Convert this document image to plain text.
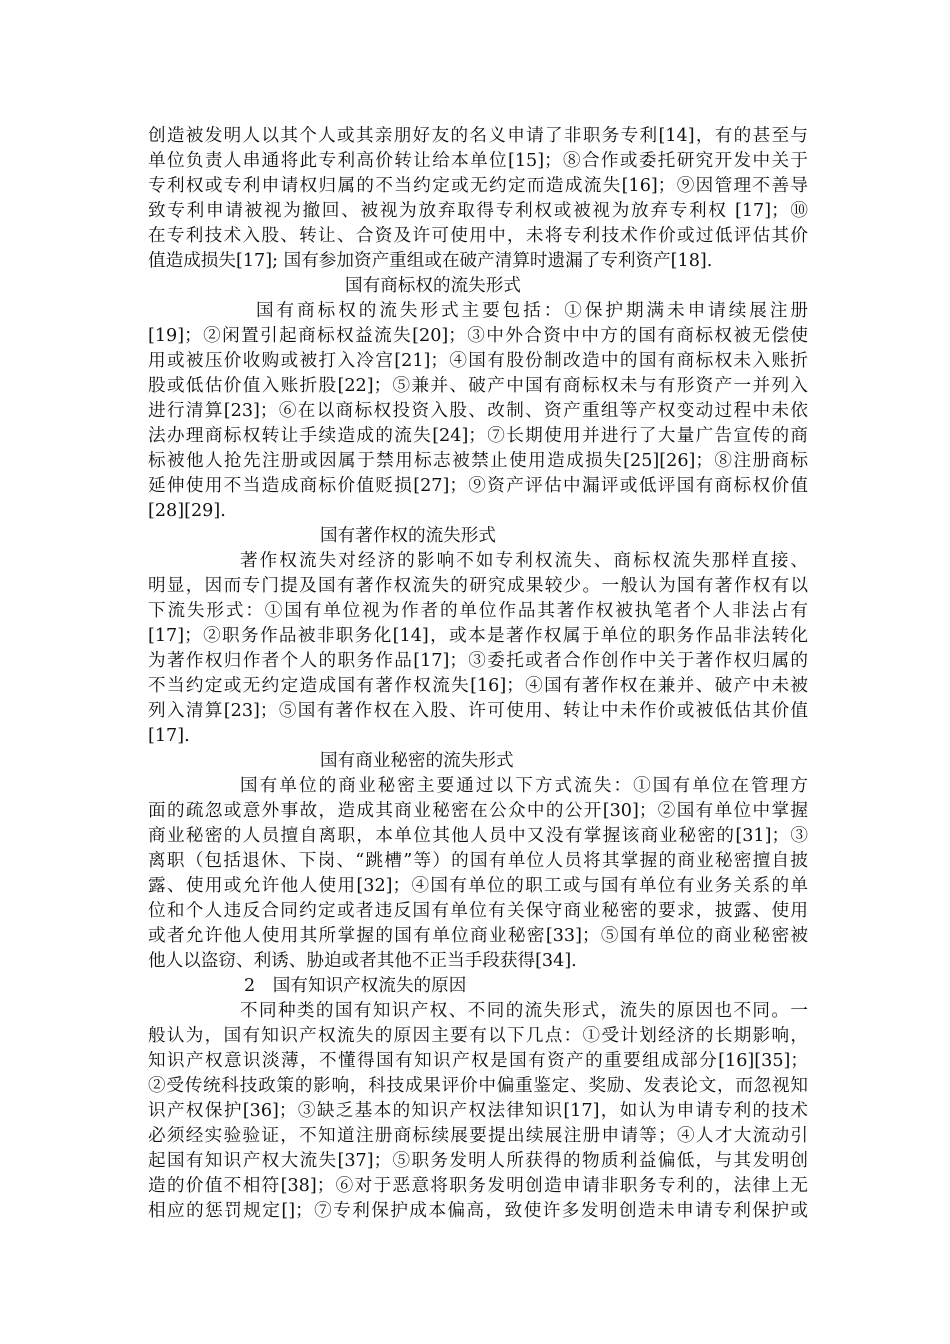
创造被发明人以其个人或其亲朋好友的名义申请了非职务专利[14]，有的甚至与
单位负责人串通将此专利高价转让给本单位[15]；⑧合作或委托研究开发中关于
专利权或专利申请权归属的不当约定或无约定而造成流失[16]；⑨因管理不善导
致专利申请被视为撤回、被视为放弃取得专利权或被视为放弃专利权 [17]；⑩
在专利技术入股、转让、合资及许可使用中，未将专利技术作价或过低评估其价
值造成损失[17]; 国有参加资产重组或在破产清算时遗漏了专利资产[18].
国有商标权的流失形式
国有商标权的流失形式主要包括：①保护期满未申请续展注册
[19]；②闲置引起商标权益流失[20]；③中外合资中中方的国有商标权被无偿使
用或被压价收购或被打入冷宫[21]；④国有股份制改造中的国有商标权未入账折
股或低估价值入账折股[22]；⑤兼并、破产中国有商标权未与有形资产一并列入
进行清算[23]；⑥在以商标权投资入股、改制、资产重组等产权变动过程中未依
法办理商标权转让手续造成的流失[24]；⑦长期使用并进行了大量广告宣传的商
标被他人抢先注册或因属于禁用标志被禁止使用造成损失[25][26]；⑧注册商标
延伸使用不当造成商标价值贬损[27]；⑨资产评估中漏评或低评国有商标权价值
[28][29].
国有著作权的流失形式
著作权流失对经济的影响不如专利权流失、商标权流失那样直接、
明显，因而专门提及国有著作权流失的研究成果较少。一般认为国有著作权有以
下流失形式：①国有单位视为作者的单位作品其著作权被执笔者个人非法占有
[17]；②职务作品被非职务化[14]，或本是著作权属于单位的职务作品非法转化
为著作权归作者个人的职务作品[17]；③委托或者合作创作中关于著作权归属的
不当约定或无约定造成国有著作权流失[16]；④国有著作权在兼并、破产中未被
列入清算[23]；⑤国有著作权在入股、许可使用、转让中未作价或被低估其价值
[17].
国有商业秘密的流失形式
国有单位的商业秘密主要通过以下方式流失：①国有单位在管理方
面的疏忽或意外事故，造成其商业秘密在公众中的公开[30]；②国有单位中掌握
商业秘密的人员擅自离职，本单位其他人员中又没有掌握该商业秘密的[31]；③
离职（包括退休、下岗、“跳槽”等）的国有单位人员将其掌握的商业秘密擅自披
露、使用或允许他人使用[32]；④国有单位的职工或与国有单位有业务关系的单
位和个人违反合同约定或者违反国有单位有关保守商业秘密的要求，披露、使用
或者允许他人使用其所掌握的国有单位商业秘密[33]；⑤国有单位的商业秘密被
他人以盗窃、利诱、胁迫或者其他不正当手段获得[34].
2　国有知识产权流失的原因
不同种类的国有知识产权、不同的流失形式，流失的原因也不同。一
般认为，国有知识产权流失的原因主要有以下几点：①受计划经济的长期影响，
知识产权意识淡薄，不懂得国有知识产权是国有资产的重要组成部分[16][35]；
②受传统科技政策的影响，科技成果评价中偏重鉴定、奖励、发表论文，而忽视知
识产权保护[36]；③缺乏基本的知识产权法律知识[17]，如认为申请专利的技术
必须经实验验证，不知道注册商标续展要提出续展注册申请等；④人才大流动引
起国有知识产权大流失[37]；⑤职务发明人所获得的物质利益偏低，与其发明创
造的价值不相符[38]；⑥对于恶意将职务发明创造申请非职务专利的，法律上无
相应的惩罚规定[]；⑦专利保护成本偏高，致使许多发明创造未申请专利保护或
